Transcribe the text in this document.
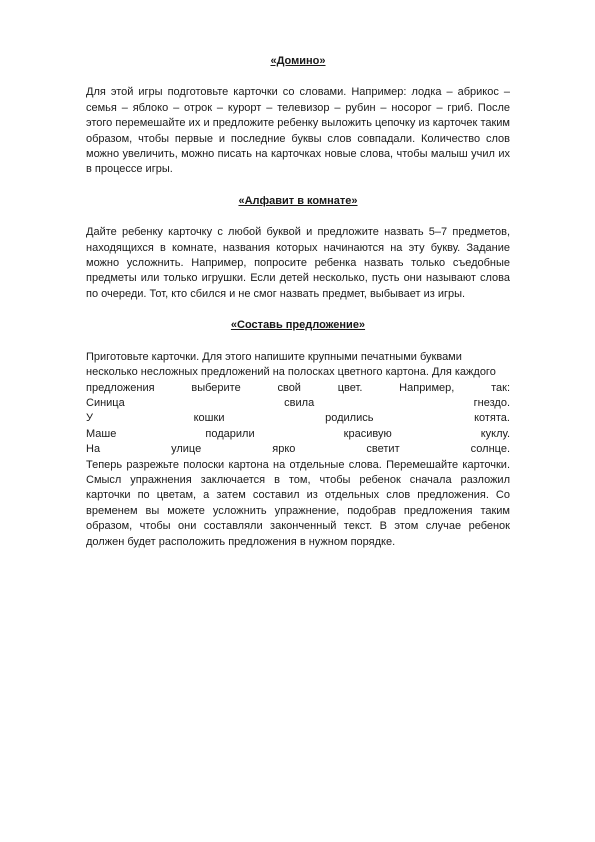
«Домино»

Для этой игры подготовьте карточки со словами. Например: лодка – абрикос – семья – яблоко – отрок – курорт – телевизор – рубин – носорог – гриб. После этого перемешайте их и предложите ребенку выложить цепочку из карточек таким образом, чтобы первые и последние буквы слов совпадали. Количество слов можно увеличить, можно писать на карточках новые слова, чтобы малыш учил их в процессе игры.

«Алфавит в комнате»

Дайте ребенку карточку с любой буквой и предложите назвать 5–7 предметов, находящихся в комнате, названия которых начинаются на эту букву. Задание можно усложнить. Например, попросите ребенка назвать только съедобные предметы или только игрушки. Если детей несколько, пусть они называют слова по очереди. Тот, кто сбился и не смог назвать предмет, выбывает из игры.

«Составь предложение»

Приготовьте карточки. Для этого напишите крупными печатными буквами
несколько несложных предложений на полосках цветного картона. Для каждого
предложения	выберите	свой	цвет.	Например,	так:
Синица	свила	гнездо.
У	кошки	родились	котята.
Маше	подарили	красивую	куклу.
На	улице	ярко	светит	солнце.

Теперь разрежьте полоски картона на отдельные слова. Перемешайте карточки. Смысл упражнения заключается в том, чтобы ребенок сначала разложил карточки по цветам, а затем составил из отдельных слов предложения. Со временем вы можете усложнить упражнение, подобрав предложения таким образом, чтобы они составляли законченный текст. В этом случае ребенок должен будет расположить предложения в нужном порядке.
